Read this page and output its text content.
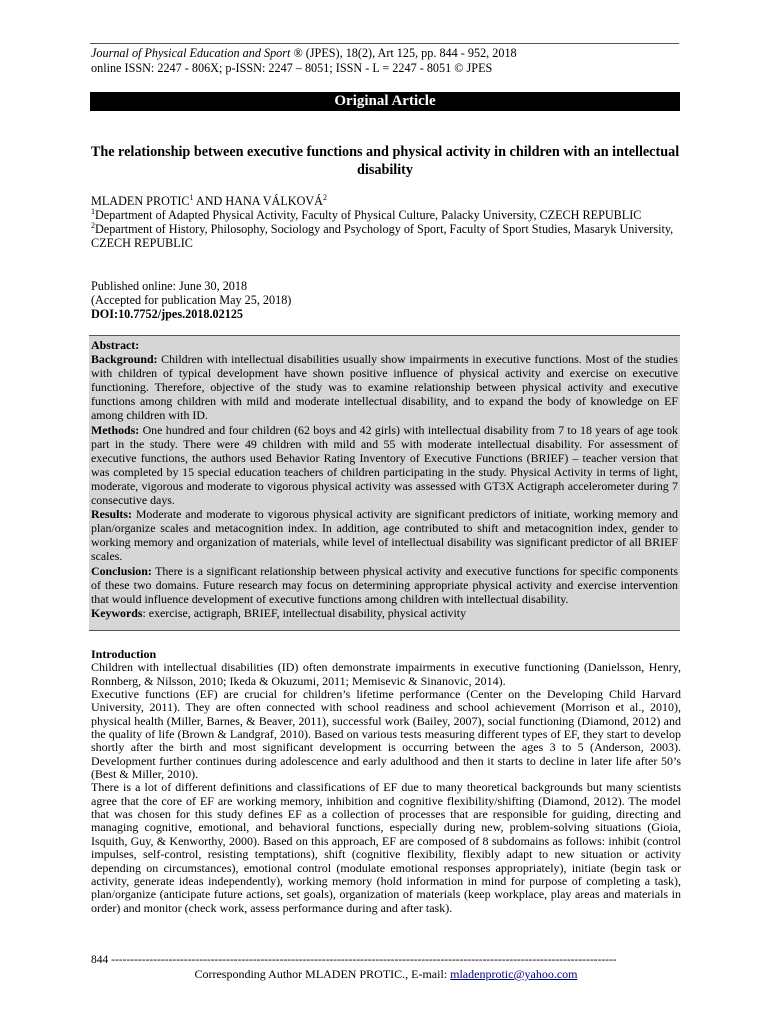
Journal of Physical Education and Sport ® (JPES), 18(2), Art 125, pp. 844 - 952, 2018
online ISSN: 2247 - 806X; p-ISSN: 2247 – 8051; ISSN - L = 2247 - 8051 © JPES
Original Article
The relationship between executive functions and physical activity in children with an intellectual disability

MLADEN PROTIC$^1$ AND HANA VÁLKOVÁ$^2$

$^1$Department of Adapted Physical Activity, Faculty of Physical Culture, Palacky University, CZECH REPUBLIC

$^2$Department of History, Philosophy, Sociology and Psychology of Sport, Faculty of Sport Studies, Masaryk University, CZECH REPUBLIC

Published online: June 30, 2018

(Accepted for publication May 25, 2018)

DOI:10.7752/jpes.2018.02125

Abstract:

Background: Children with intellectual disabilities usually show impairments in executive functions. Most of the studies with children of typical development have shown positive influence of physical activity and exercise on executive functioning. Therefore, objective of the study was to examine relationship between physical activity and executive functions among children with mild and moderate intellectual disability, and to expand the body of knowledge on EF among children with ID.

Methods: One hundred and four children (62 boys and 42 girls) with intellectual disability from 7 to 18 years of age took part in the study. There were 49 children with mild and 55 with moderate intellectual disability. For assessment of executive functions, the authors used Behavior Rating Inventory of Executive Functions (BRIEF) – teacher version that was completed by 15 special education teachers of children participating in the study. Physical Activity in terms of light, moderate, vigorous and moderate to vigorous physical activity was assessed with GT3X Actigraph accelerometer during 7 consecutive days.

Results: Moderate and moderate to vigorous physical activity are significant predictors of initiate, working memory and plan/organize scales and metacognition index. In addition, age contributed to shift and metacognition index, gender to working memory and organization of materials, while level of intellectual disability was significant predictor of all BRIEF scales.

Conclusion: There is a significant relationship between physical activity and executive functions for specific components of these two domains. Future research may focus on determining appropriate physical activity and exercise intervention that would influence development of executive functions among children with intellectual disability.

Keywords: exercise, actigraph, BRIEF, intellectual disability, physical activity

Introduction

Children with intellectual disabilities (ID) often demonstrate impairments in executive functioning (Danielsson, Henry, Ronnberg, & Nilsson, 2010; Ikeda & Okuzumi, 2011; Memisevic & Sinanovic, 2014).

Executive functions (EF) are crucial for children’s lifetime performance (Center on the Developing Child Harvard University, 2011). They are often connected with school readiness and school achievement (Morrison et al., 2010), physical health (Miller, Barnes, & Beaver, 2011), successful work (Bailey, 2007), social functioning (Diamond, 2012) and the quality of life (Brown & Landgraf, 2010). Based on various tests measuring different types of EF, they start to develop shortly after the birth and most significant development is occurring between the ages 3 to 5 (Anderson, 2003). Development further continues during adolescence and early adulthood and then it starts to decline in later life after 50’s (Best & Miller, 2010).

There is a lot of different definitions and classifications of EF due to many theoretical backgrounds but many scientists agree that the core of EF are working memory, inhibition and cognitive flexibility/shifting (Diamond, 2012). The model that was chosen for this study defines EF as a collection of processes that are responsible for guiding, directing and managing cognitive, emotional, and behavioral functions, especially during new, problem-solving situations (Gioia, Isquith, Guy, & Kenworthy, 2000). Based on this approach, EF are composed of 8 subdomains as follows: inhibit (control impulses, self-control, resisting temptations), shift (cognitive flexibility, flexibly adapt to new situation or activity depending on circumstances), emotional control (modulate emotional responses appropriately), initiate (begin task or activity, generate ideas independently), working memory (hold information in mind for purpose of completing a task), plan/organize (anticipate future actions, set goals), organization of materials (keep workplace, play areas and materials in order) and monitor (check work, assess performance during and after task).

844 ------------------------------------------------------------------------------------------------------------------------------------
Corresponding Author MLADEN PROTIC., E-mail: mladenprotic@yahoo.com
